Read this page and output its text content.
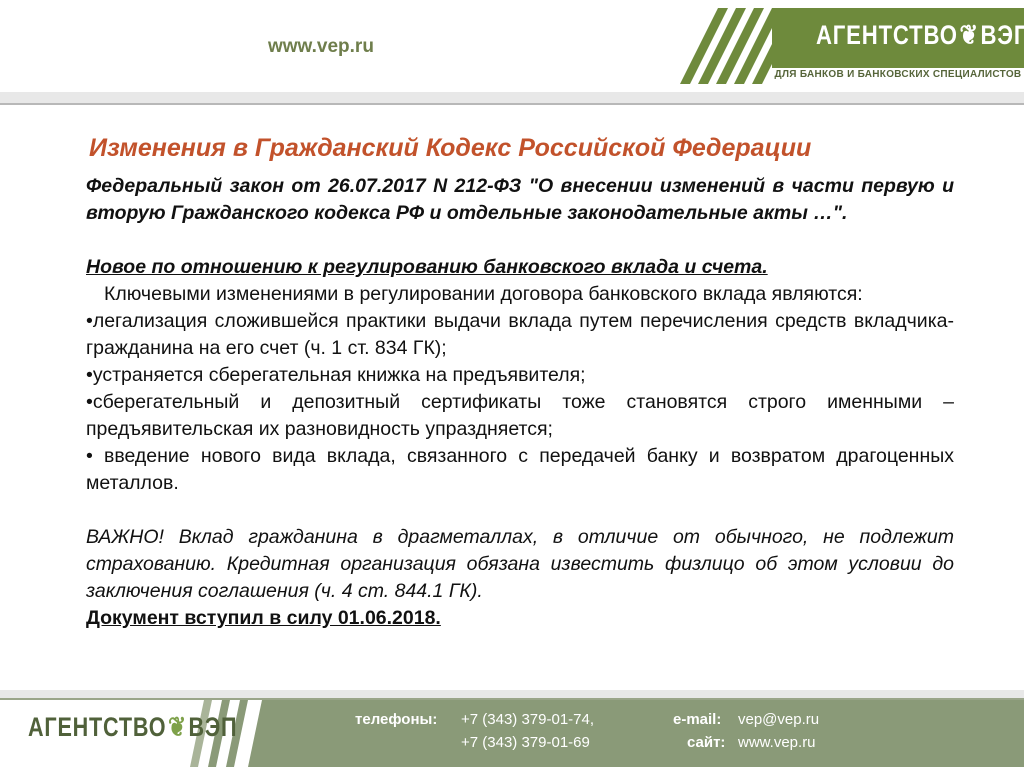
www.vep.ru	АГЕНТСТВО❦ВЭП
ДЛЯ БАНКОВ И БАНКОВСКИХ СПЕЦИАЛИСТОВ
Изменения в Гражданский Кодекс Российской Федерации

Федеральный закон от 26.07.2017 N 212-ФЗ "О внесении изменений в части первую и вторую Гражданского кодекса РФ и отдельные законодательные акты …".

Новое по отношению к регулированию банковского вклада и счета.

Ключевыми изменениями в регулировании договора банковского вклада являются:

•легализация сложившейся практики выдачи вклада путем перечисления средств вкладчика-гражданина на его счет (ч. 1 ст. 834 ГК);

•устраняется сберегательная книжка на предъявителя;

•сберегательный и депозитный сертификаты тоже становятся строго именными – предъявительская их разновидность упраздняется;

• введение нового вида вклада, связанного с передачей банку и возвратом драгоценных металлов.

ВАЖНО! Вклад гражданина в драгметаллах, в отличие от обычного, не подлежит страхованию. Кредитная организация обязана известить физлицо об этом условии до заключения соглашения (ч. 4 ст. 844.1 ГК).

Документ вступил в силу 01.06.2018.

АГЕНТСТВО❦ВЭП	телефоны: +7 (343) 379-01-74,
+7 (343) 379-01-69
e-mail: vep@vep.ru
сайт: www.vep.ru
